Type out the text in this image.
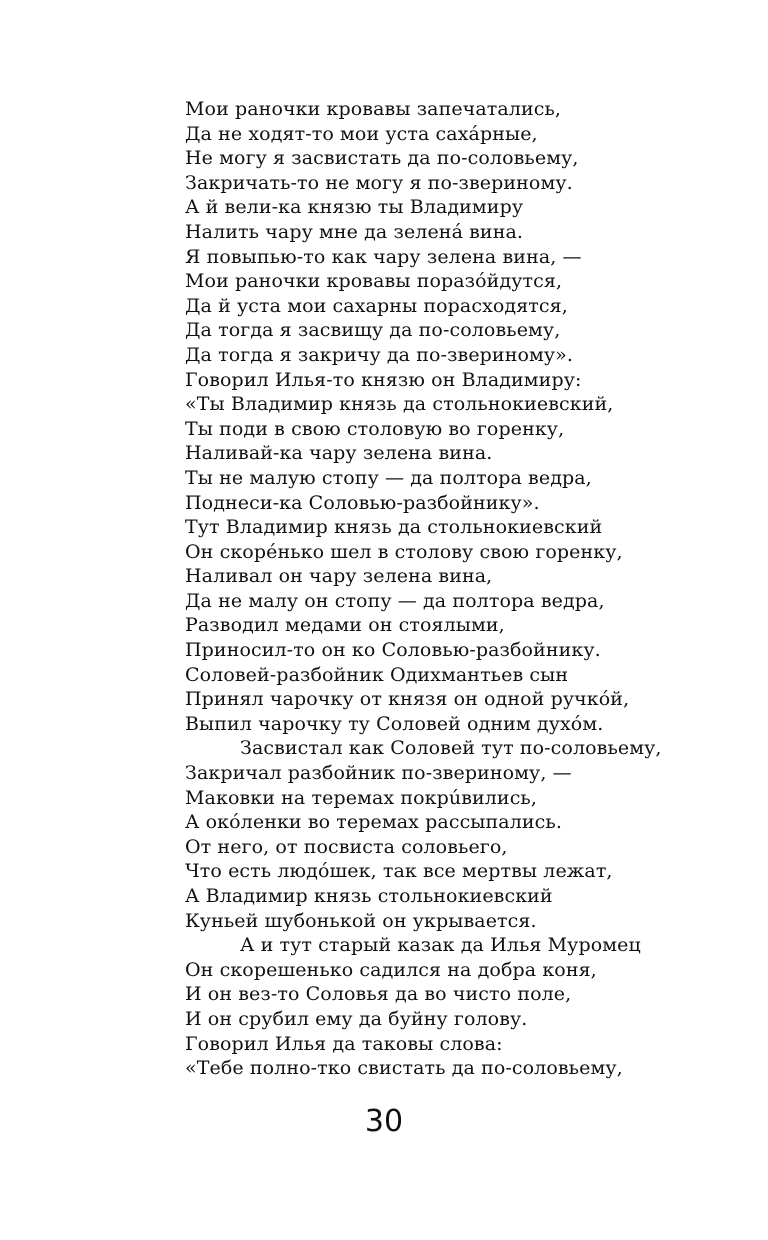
Мои раночки кровавы запечатались,
Да не ходят-то мои уста сахáрные,
Не могу я засвистать да по-соловьему,
Закричать-то не могу я по-звериному.
А й вели-ка князю ты Владимиру
Налить чару мне да зеленá вина.
Я повыпью-то как чару зелена вина, —
Мои раночки кровавы поразóйдутся,
Да й уста мои сахарны порасходятся,
Да тогда я засвищу да по-соловьему,
Да тогда я закричу да по-звериному».
Говорил Илья-то князю он Владимиру:
«Ты Владимир князь да стольнокиевский,
Ты поди в свою столовую во горенку,
Наливай-ка чару зелена вина.
Ты не малую стопу — да полтора ведра,
Поднеси-ка Соловью-разбойнику».
Тут Владимир князь да стольнокиевский
Он скорéнько шел в столову свою горенку,
Наливал он чару зелена вина,
Да не малу он стопу — да полтора ведра,
Разводил медами он стоялыми,
Приносил-то он ко Соловью-разбойнику.
Соловей-разбойник Одихмантьев сын
Принял чарочку от князя он одной ручкóй,
Выпил чарочку ту Соловей одним духóм.
Засвистал как Соловей тут по-соловьему,
Закричал разбойник по-звериному, —
Маковки на теремах покрúвились,
А окóленки во теремах рассыпались.
От него, от посвиста соловьего,
Что есть людóшек, так все мертвы лежат,
А Владимир князь стольнокиевский
Куньей шубонькой он укрывается.
А и тут старый казак да Илья Муромец
Он скорешенько садился на добра коня,
И он вез-то Соловья да во чисто поле,
И он срубил ему да буйну голову.
Говорил Илья да таковы слова:
«Тебе полно-тко свистать да по-соловьему,
30
